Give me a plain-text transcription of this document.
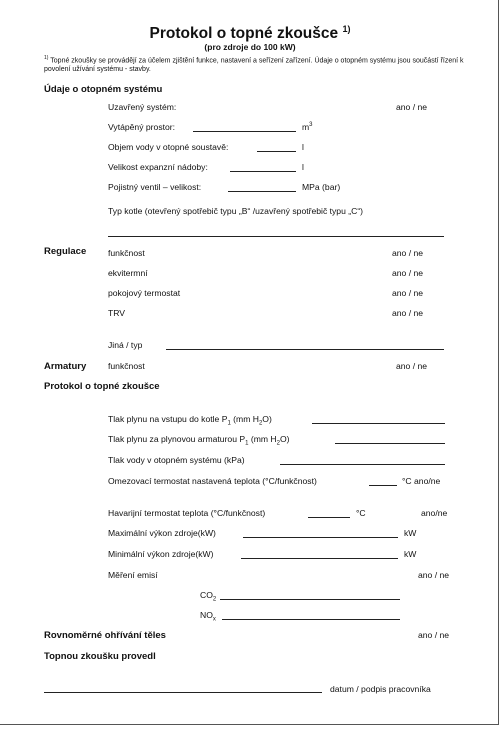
Protokol o topné zkoušce $^{1)}$
(pro zdroje do 100 kW)
$^{1)}$ Topné zkoušky se provádějí za účelem zjištění funkce, nastavení a seřízení zařízení. Údaje o otopném systému jsou součástí řízení k povolení užívání systému - stavby.
Údaje o otopném systému
Uzavřený systém:	ano / ne
Vytápěný prostor:	$m^3$
Objem vody v otopné soustavě:	l
Velikost expanzní nádoby:	l
Pojistný ventil – velikost:	MPa (bar)
Typ kotle (otevřený spotřebič typu „B“ /uzavřený spotřebič typu „C“)
Regulace	funkčnost	ano / ne
ekvitermní	ano / ne
pokojový termostat	ano / ne
TRV	ano / ne
Jiná / typ
Armatury	funkčnost	ano / ne
Protokol o topné zkoušce
Tlak plynu na vstupu do kotle $P_1$ (mm $H_2O$)
Tlak plynu za plynovou armaturou $P_1$ (mm $H_2O$)
Tlak vody v otopném systému (kPa)
Omezovací termostat nastavená teplota (°C/funkčnost)	°C ano/ne
Havarijní termostat teplota (°C/funkčnost)	°C	ano/ne
Maximální výkon zdroje(kW)	kW
Minimální výkon zdroje(kW)	kW
Měření emisí	ano / ne
$CO_2$
$NO_x$
Rovnoměrné ohřívání těles	ano / ne
Topnou zkoušku provedl
datum / podpis pracovníka
